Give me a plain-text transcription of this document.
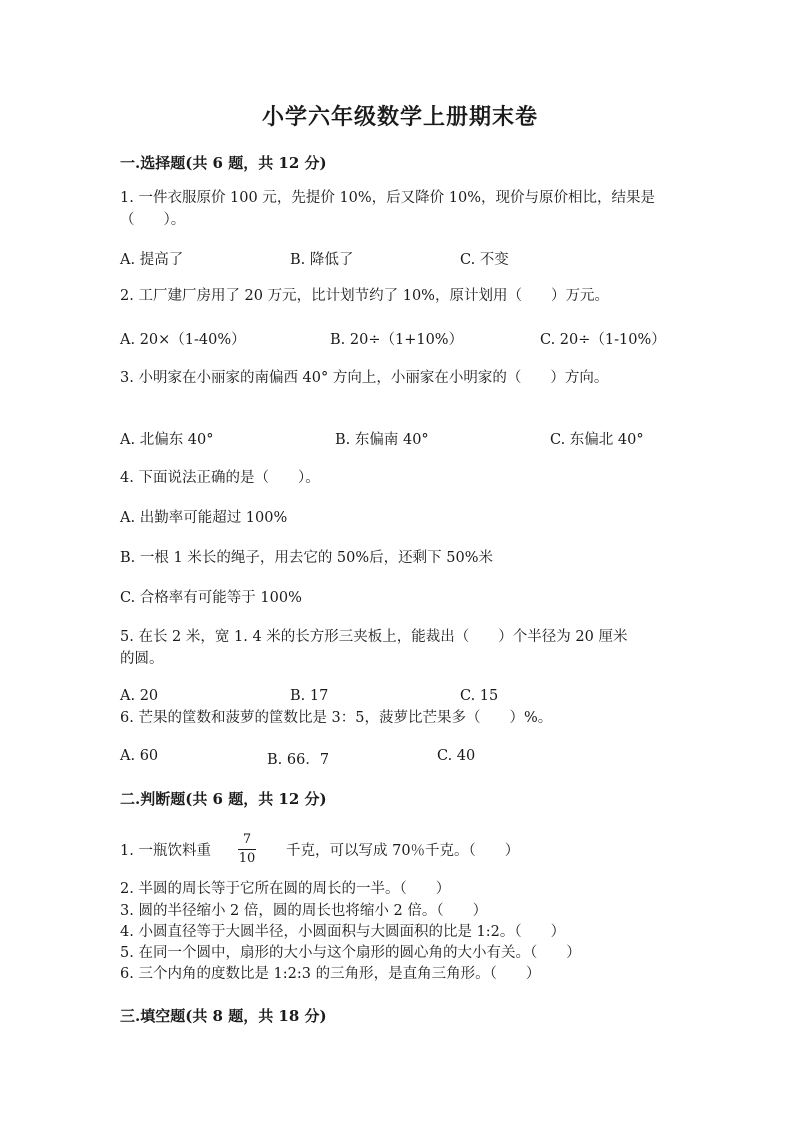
小学六年级数学上册期末卷
一.选择题(共 6 题，共 12 分)
1. 一件衣服原价 100 元，先提价 10%，后又降价 10%，现价与原价相比，结果是
（　　）。
A. 提高了	B. 降低了	C. 不变
2. 工厂建厂房用了 20 万元，比计划节约了 10%，原计划用（　　）万元。
A. 20×（1-40%）	B. 20÷（1+10%）	C. 20÷（1-10%）
3. 小明家在小丽家的南偏西 40° 方向上，小丽家在小明家的（　　）方向。
A. 北偏东 40°	B. 东偏南 40°	C. 东偏北 40°
4. 下面说法正确的是（　　）。
A. 出勤率可能超过 100%
B. 一根 1 米长的绳子，用去它的 50%后，还剩下 50%米
C. 合格率有可能等于 100%
5. 在长 2 米，宽 1. 4 米的长方形三夹板上，能裁出（　　）个半径为 20 厘米
的圆。
A. 20	B. 17	C. 15
6. 芒果的筐数和菠萝的筐数比是 3：5，菠萝比芒果多（　　）%。
A. 60	B. 66．7	C. 40
二.判断题(共 6 题，共 12 分)
1. 一瓶饮料重
7
10 千克，可以写成 70％千克。（　　）
2. 半圆的周长等于它所在圆的周长的一半。（　　）
3. 圆的半径缩小 2 倍，圆的周长也将缩小 2 倍。（　　）
4. 小圆直径等于大圆半径，小圆面积与大圆面积的比是 1:2。（　　）
5. 在同一个圆中，扇形的大小与这个扇形的圆心角的大小有关。（　　）
6. 三个内角的度数比是 1:2:3 的三角形，是直角三角形。（　　）
三.填空题(共 8 题，共 18 分)
